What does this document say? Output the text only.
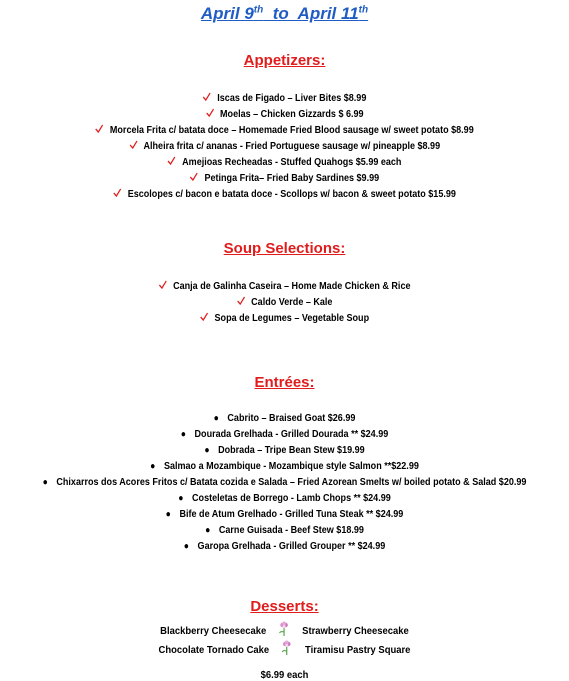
April 9th  to  April 11th
Appetizers:
Iscas de Figado – Liver Bites $8.99
Moelas – Chicken Gizzards $ 6.99
Morcela Frita c/ batata doce – Homemade Fried Blood sausage w/ sweet potato $8.99
Alheira frita c/ ananas - Fried Portuguese sausage w/ pineapple $8.99
Amejioas Recheadas - Stuffed Quahogs $5.99 each
Petinga Frita– Fried Baby Sardines $9.99
Escolopes c/ bacon e batata doce - Scollops w/ bacon & sweet potato $15.99
Soup Selections:
Canja de Galinha Caseira – Home Made Chicken & Rice
Caldo Verde – Kale
Sopa de Legumes – Vegetable Soup
Entrées:
● Cabrito – Braised Goat $26.99
● Dourada Grelhada - Grilled Dourada ** $24.99
● Dobrada – Tripe Bean Stew $19.99
● Salmao a Mozambique - Mozambique style Salmon **$22.99
● Chixarros dos Acores Fritos c/ Batata cozida e Salada – Fried Azorean Smelts w/ boiled potato & Salad $20.99
● Costeletas de Borrego - Lamb Chops ** $24.99
● Bife de Atum Grelhado - Grilled Tuna Steak ** $24.99
● Carne Guisada - Beef Stew $18.99
● Garopa Grelhada - Grilled Grouper ** $24.99
Desserts:
Blackberry Cheesecake	Strawberry Cheesecake
Chocolate Tornado Cake	Tiramisu Pastry Square
$6.99 each
